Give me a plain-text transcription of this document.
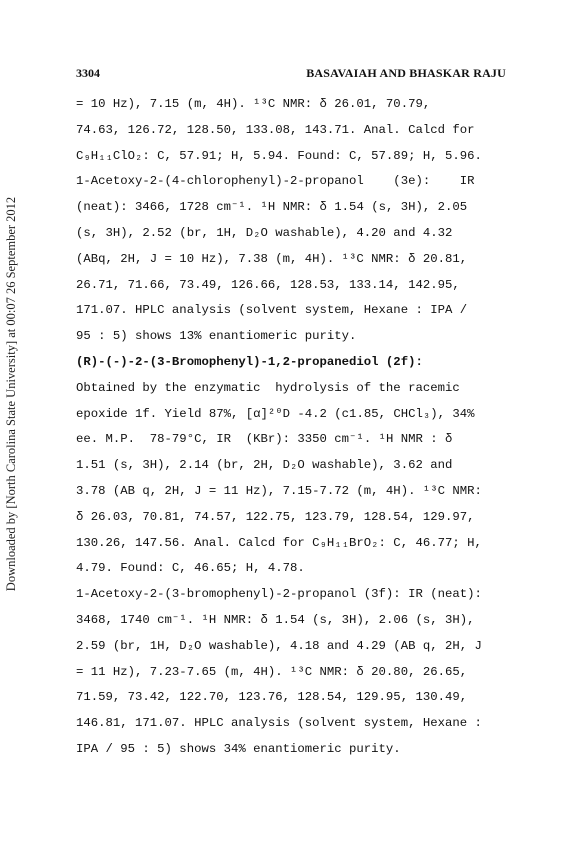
3304	BASAVAIAH AND BHASKAR RAJU
Downloaded by [North Carolina State University] at 00:07 26 September 2012
= 10 Hz), 7.15 (m, 4H). ¹³C NMR: δ 26.01, 70.79,
74.63, 126.72, 128.50, 133.08, 143.71. Anal. Calcd for
C₉H₁₁ClO₂: C, 57.91; H, 5.94. Found: C, 57.89; H, 5.96.
1-Acetoxy-2-(4-chlorophenyl)-2-propanol    (3e):    IR
(neat): 3466, 1728 cm⁻¹. ¹H NMR: δ 1.54 (s, 3H), 2.05
(s, 3H), 2.52 (br, 1H, D₂O washable), 4.20 and 4.32
(ABq, 2H, J = 10 Hz), 7.38 (m, 4H). ¹³C NMR: δ 20.81,
26.71, 71.66, 73.49, 126.66, 128.53, 133.14, 142.95,
171.07. HPLC analysis (solvent system, Hexane : IPA /
95 : 5) shows 13% enantiomeric purity.
(R)-(-)-2-(3-Bromophenyl)-1,2-propanediol (2f):
Obtained by the enzymatic  hydrolysis of the racemic
epoxide 1f. Yield 87%, [α]²⁰D -4.2 (c1.85, CHCl₃), 34%
ee. M.P.  78-79°C, IR  (KBr): 3350 cm⁻¹. ¹H NMR : δ
1.51 (s, 3H), 2.14 (br, 2H, D₂O washable), 3.62 and
3.78 (AB q, 2H, J = 11 Hz), 7.15-7.72 (m, 4H). ¹³C NMR:
δ 26.03, 70.81, 74.57, 122.75, 123.79, 128.54, 129.97,
130.26, 147.56. Anal. Calcd for C₉H₁₁BrO₂: C, 46.77; H,
4.79. Found: C, 46.65; H, 4.78.
1-Acetoxy-2-(3-bromophenyl)-2-propanol (3f): IR (neat):
3468, 1740 cm⁻¹. ¹H NMR: δ 1.54 (s, 3H), 2.06 (s, 3H),
2.59 (br, 1H, D₂O washable), 4.18 and 4.29 (AB q, 2H, J
= 11 Hz), 7.23-7.65 (m, 4H). ¹³C NMR: δ 20.80, 26.65,
71.59, 73.42, 122.70, 123.76, 128.54, 129.95, 130.49,
146.81, 171.07. HPLC analysis (solvent system, Hexane :
IPA / 95 : 5) shows 34% enantiomeric purity.
